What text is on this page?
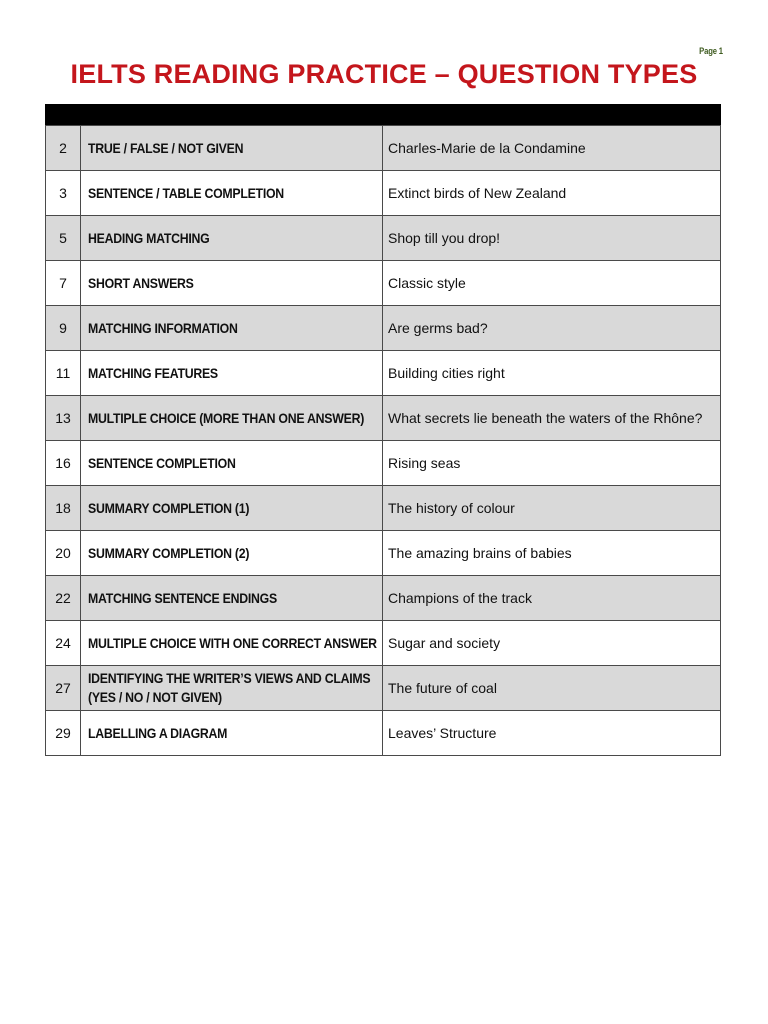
Page 1
IELTS READING PRACTICE – QUESTION TYPES
2	TRUE / FALSE / NOT GIVEN	Charles-Marie de la Condamine
3	SENTENCE / TABLE COMPLETION	Extinct birds of New Zealand
5	HEADING MATCHING	Shop till you drop!
7	SHORT ANSWERS	Classic style
9	MATCHING INFORMATION	Are germs bad?
11	MATCHING FEATURES	Building cities right
13	MULTIPLE CHOICE (MORE THAN ONE ANSWER)	What secrets lie beneath the waters of the Rhône?
16	SENTENCE COMPLETION	Rising seas
18	SUMMARY COMPLETION (1)	The history of colour
20	SUMMARY COMPLETION (2)	The amazing brains of babies
22	MATCHING SENTENCE ENDINGS	Champions of the track
24	MULTIPLE CHOICE WITH ONE CORRECT ANSWER	Sugar and society
27	IDENTIFYING THE WRITER’S VIEWS AND CLAIMS (YES / NO / NOT GIVEN)	The future of coal
29	LABELLING A DIAGRAM	Leaves’ Structure
